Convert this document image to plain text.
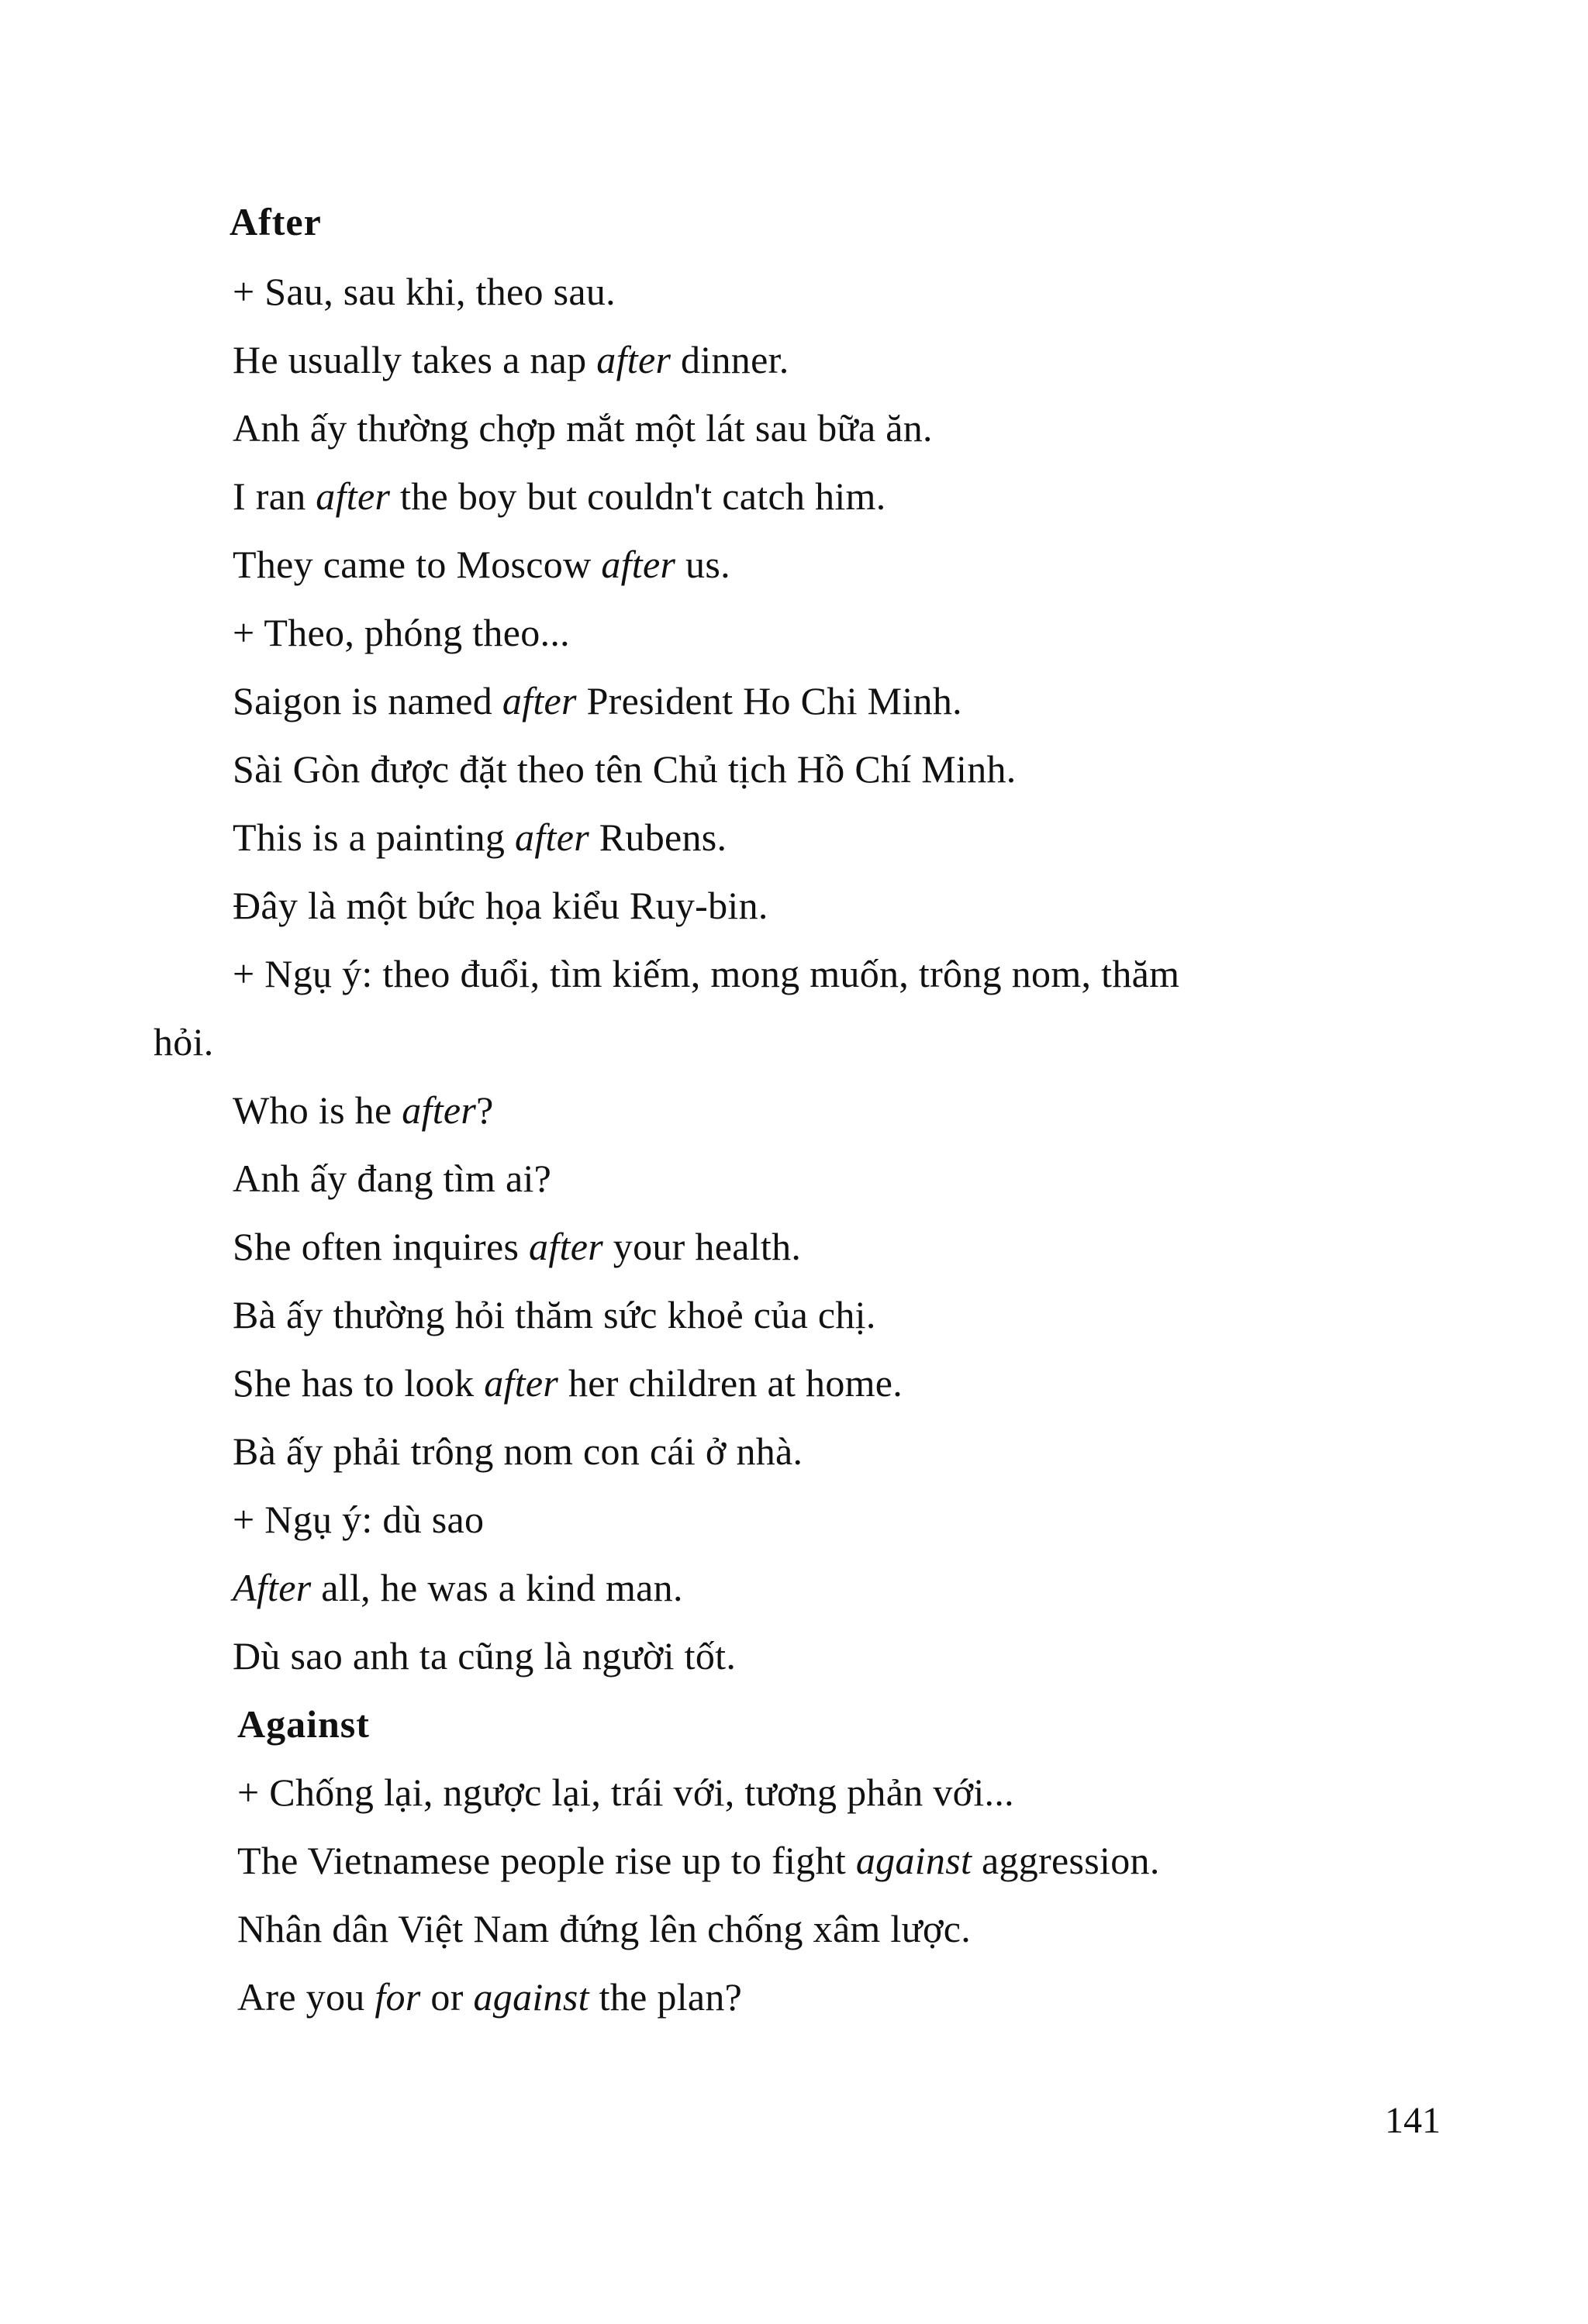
After
+ Sau, sau khi, theo sau.
He usually takes a nap after dinner.
Anh ấy thường chợp mắt một lát sau bữa ăn.
I ran after the boy but couldn't catch him.
They came to Moscow after us.
+ Theo, phóng theo...
Saigon is named after President Ho Chi Minh.
Sài Gòn được đặt theo tên Chủ tịch Hồ Chí Minh.
This is a painting after Rubens.
Đây là một bức họa kiểu Ruy-bin.
+ Ngụ ý: theo đuổi, tìm kiếm, mong muốn, trông nom, thăm
hỏi.
Who is he after?
Anh ấy đang tìm ai?
She often inquires after your health.
Bà ấy thường hỏi thăm sức khoẻ của chị.
She has to look after her children at home.
Bà ấy phải trông nom con cái ở nhà.
+ Ngụ ý: dù sao
After all, he was a kind man.
Dù sao anh ta cũng là người tốt.
Against
+ Chống lại, ngược lại, trái với, tương phản với...
The Vietnamese people rise up to fight against aggression.
Nhân dân Việt Nam đứng lên chống xâm lược.
Are you for or against the plan?
141
